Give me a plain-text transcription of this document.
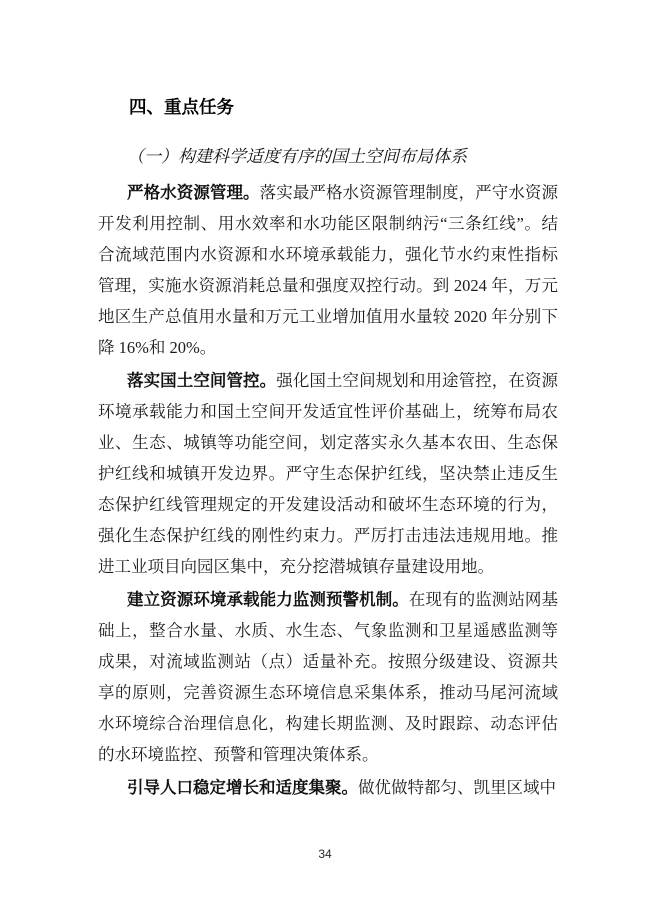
四、重点任务
（一）构建科学适度有序的国土空间布局体系

严格水资源管理。落实最严格水资源管理制度，严守水资源开发利用控制、用水效率和水功能区限制纳污“三条红线”。结合流域范围内水资源和水环境承载能力，强化节水约束性指标管理，实施水资源消耗总量和强度双控行动。到 2024 年，万元地区生产总值用水量和万元工业增加值用水量较 2020 年分别下降 16%和 20%。

落实国土空间管控。强化国土空间规划和用途管控，在资源环境承载能力和国土空间开发适宜性评价基础上，统筹布局农业、生态、城镇等功能空间，划定落实永久基本农田、生态保护红线和城镇开发边界。严守生态保护红线，坚决禁止违反生态保护红线管理规定的开发建设活动和破坏生态环境的行为，强化生态保护红线的刚性约束力。严厉打击违法违规用地。推进工业项目向园区集中，充分挖潜城镇存量建设用地。

建立资源环境承载能力监测预警机制。在现有的监测站网基础上，整合水量、水质、水生态、气象监测和卫星遥感监测等成果，对流域监测站（点）适量补充。按照分级建设、资源共享的原则，完善资源生态环境信息采集体系，推动马尾河流域水环境综合治理信息化，构建长期监测、及时跟踪、动态评估的水环境监控、预警和管理决策体系。

引导人口稳定增长和适度集聚。做优做特都匀、凯里区域中

34
